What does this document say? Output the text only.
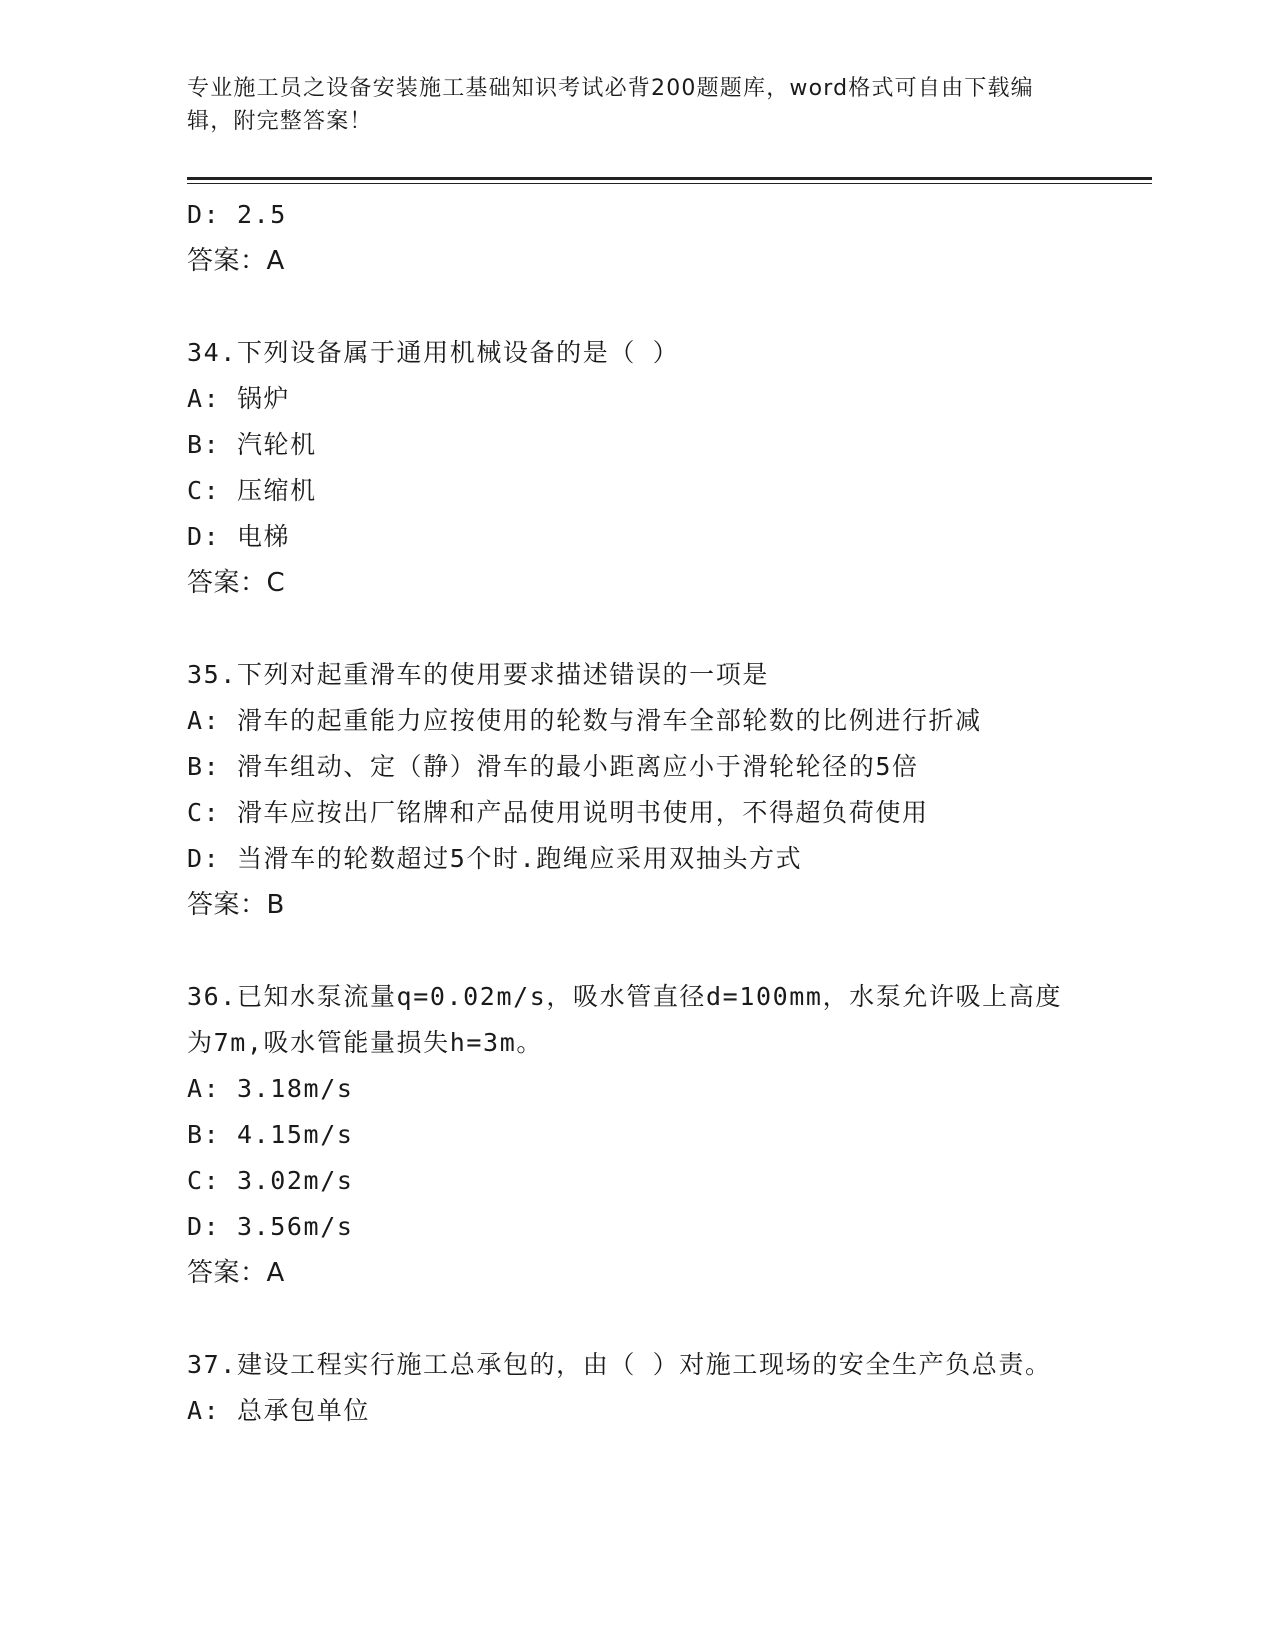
专业施工员之设备安装施工基础知识考试必背200题题库，word格式可自由下载编辑，附完整答案！
D: 2.5
答案：A
34.下列设备属于通用机械设备的是（ ）
A: 锅炉
B: 汽轮机
C: 压缩机
D: 电梯
答案：C
35.下列对起重滑车的使用要求描述错误的一项是
A: 滑车的起重能力应按使用的轮数与滑车全部轮数的比例进行折减
B: 滑车组动、定（静）滑车的最小距离应小于滑轮轮径的5倍
C: 滑车应按出厂铭牌和产品使用说明书使用，不得超负荷使用
D: 当滑车的轮数超过5个时.跑绳应采用双抽头方式
答案：B
36.已知水泵流量q=0.02m/s，吸水管直径d=100mm，水泵允许吸上高度为7m,吸水管能量损失h=3m。
A: 3.18m/s
B: 4.15m/s
C: 3.02m/s
D: 3.56m/s
答案：A
37.建设工程实行施工总承包的，由（ ）对施工现场的安全生产负总责。
A: 总承包单位
